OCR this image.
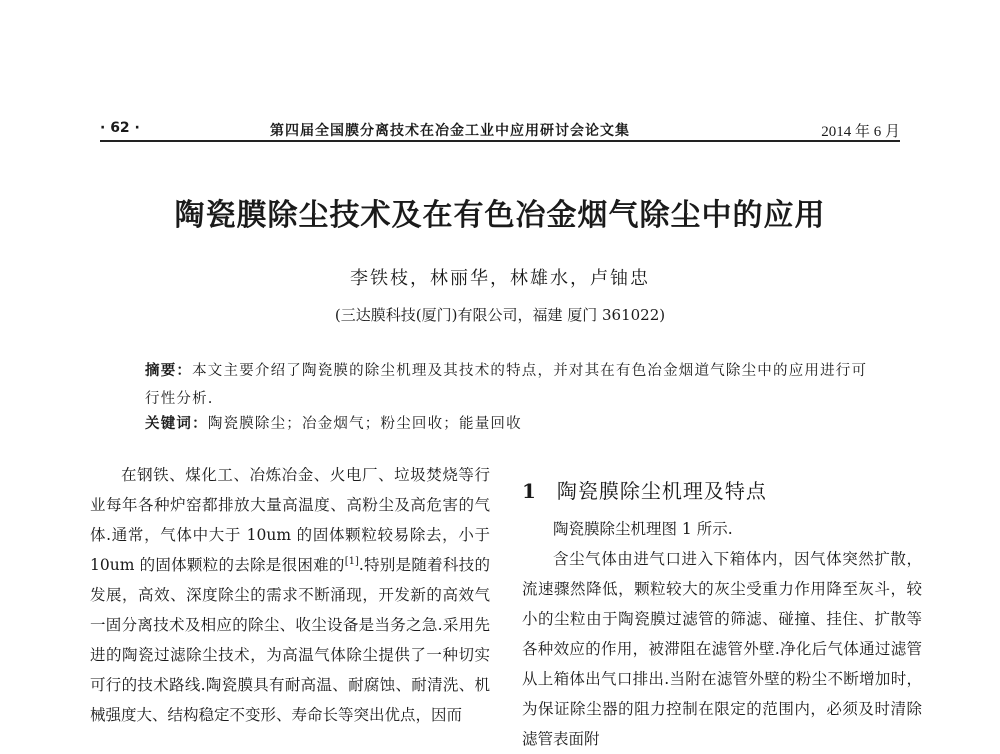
· 62 ·	第四届全国膜分离技术在冶金工业中应用研讨会论文集	2014 年 6 月
陶瓷膜除尘技术及在有色冶金烟气除尘中的应用
李铁枝，林丽华，林雄水，卢铀忠
(三达膜科技(厦门)有限公司，福建 厦门 361022)
摘要：本文主要介绍了陶瓷膜的除尘机理及其技术的特点，并对其在有色冶金烟道气除尘中的应用进行可行性分析.
关键词：陶瓷膜除尘；冶金烟气；粉尘回收；能量回收

在钢铁、煤化工、冶炼冶金、火电厂、垃圾焚烧等行业每年各种炉窑都排放大量高温度、高粉尘及高危害的气体.通常，气体中大于 10um 的固体颗粒较易除去，小于 10um 的固体颗粒的去除是很困难的[1].特别是随着科技的发展，高效、深度除尘的需求不断涌现，开发新的高效气一固分离技术及相应的除尘、收尘设备是当务之急.采用先进的陶瓷过滤除尘技术，为高温气体除尘提供了一种切实可行的技术路线.陶瓷膜具有耐高温、耐腐蚀、耐清洗、机械强度大、结构稳定不变形、寿命长等突出优点，因而

1 陶瓷膜除尘机理及特点

陶瓷膜除尘机理图 1 所示.

含尘气体由进气口进入下箱体内，因气体突然扩散，流速骤然降低，颗粒较大的灰尘受重力作用降至灰斗，较小的尘粒由于陶瓷膜过滤管的筛滤、碰撞、挂住、扩散等各种效应的作用，被滞阻在滤管外壁.净化后气体通过滤管从上箱体出气口排出.当附在滤管外壁的粉尘不断增加时，为保证除尘器的阻力控制在限定的范围内，必须及时清除滤管表面附
